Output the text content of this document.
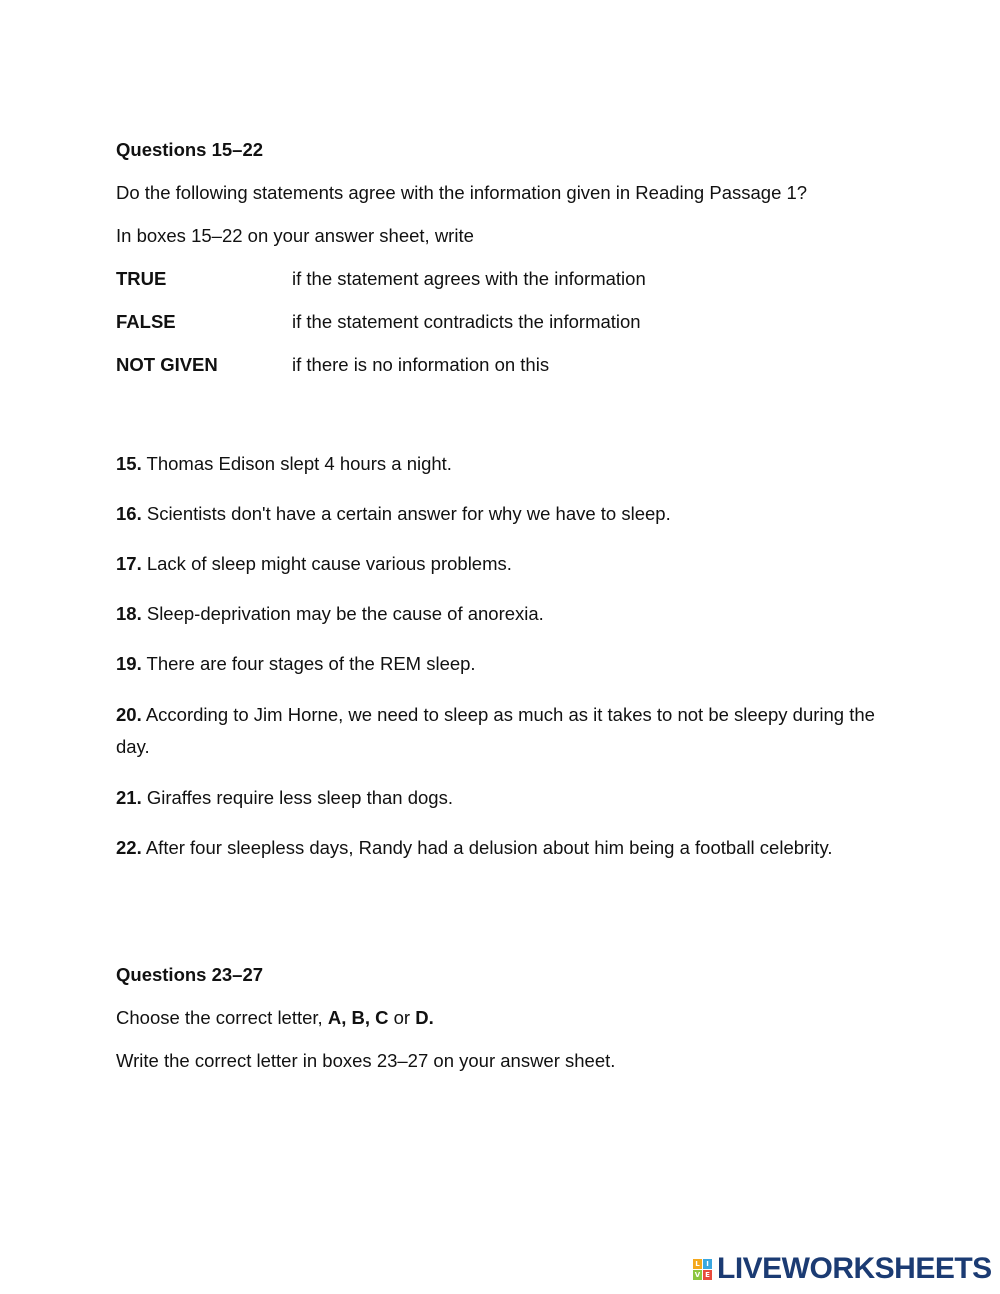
Questions 15–22
Do the following statements agree with the information given in Reading Passage 1?
In boxes 15–22 on your answer sheet, write
TRUE	if the statement agrees with the information
FALSE	if the statement contradicts the information
NOT GIVEN	if there is no information on this
15. Thomas Edison slept 4 hours a night.
16. Scientists don't have a certain answer for why we have to sleep.
17. Lack of sleep might cause various problems.
18. Sleep-deprivation may be the cause of anorexia.
19. There are four stages of the REM sleep.
20. According to Jim Horne, we need to sleep as much as it takes to not be sleepy during the day.
21. Giraffes require less sleep than dogs.
22. After four sleepless days, Randy had a delusion about him being a football celebrity.
Questions 23–27
Choose the correct letter, A, B, C or D.
Write the correct letter in boxes 23–27 on your answer sheet.
L I
V E LIVEWORKSHEETS
